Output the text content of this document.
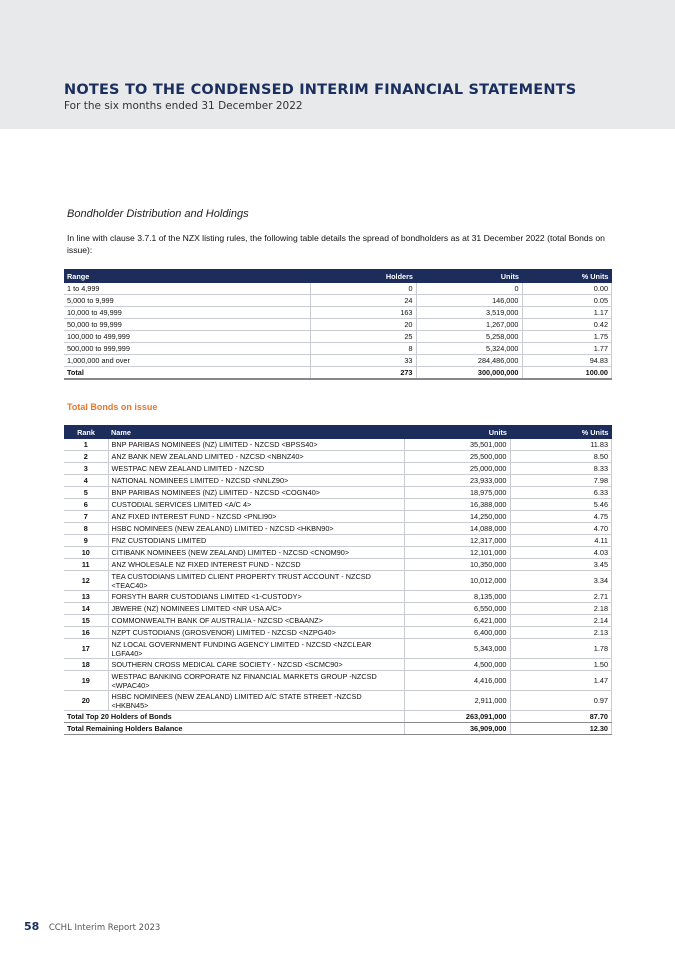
NOTES TO THE CONDENSED INTERIM FINANCIAL STATEMENTS
For the six months ended 31 December 2022
Bondholder Distribution and Holdings
In line with clause 3.7.1 of the NZX listing rules, the following table details the spread of bondholders as at 31 December 2022 (total Bonds on issue):
Range	Holders	Units	% Units
1 to 4,999	0	0	0.00
5,000 to 9,999	24	146,000	0.05
10,000 to 49,999	163	3,519,000	1.17
50,000 to 99,999	20	1,267,000	0.42
100,000 to 499,999	25	5,258,000	1.75
500,000 to 999,999	8	5,324,000	1.77
1,000,000 and over	33	284,486,000	94.83
Total	273	300,000,000	100.00
Total Bonds on issue
Rank	Name	Units	% Units
1	BNP PARIBAS NOMINEES (NZ) LIMITED - NZCSD <BPSS40>	35,501,000	11.83
2	ANZ BANK NEW ZEALAND LIMITED - NZCSD <NBNZ40>	25,500,000	8.50
3	WESTPAC NEW ZEALAND LIMITED - NZCSD	25,000,000	8.33
4	NATIONAL NOMINEES LIMITED - NZCSD <NNLZ90>	23,933,000	7.98
5	BNP PARIBAS NOMINEES (NZ) LIMITED - NZCSD <COGN40>	18,975,000	6.33
6	CUSTODIAL SERVICES LIMITED <A/C 4>	16,388,000	5.46
7	ANZ FIXED INTEREST FUND - NZCSD <PNLI90>	14,250,000	4.75
8	HSBC NOMINEES (NEW ZEALAND) LIMITED - NZCSD <HKBN90>	14,088,000	4.70
9	FNZ CUSTODIANS LIMITED	12,317,000	4.11
10	CITIBANK NOMINEES (NEW ZEALAND) LIMITED - NZCSD <CNOM90>	12,101,000	4.03
11	ANZ WHOLESALE NZ FIXED INTEREST FUND - NZCSD	10,350,000	3.45
12	TEA CUSTODIANS LIMITED CLIENT PROPERTY TRUST ACCOUNT - NZCSD <TEAC40>	10,012,000	3.34
13	FORSYTH BARR CUSTODIANS LIMITED <1-CUSTODY>	8,135,000	2.71
14	JBWERE (NZ) NOMINEES LIMITED <NR USA A/C>	6,550,000	2.18
15	COMMONWEALTH BANK OF AUSTRALIA - NZCSD <CBAANZ>	6,421,000	2.14
16	NZPT CUSTODIANS (GROSVENOR) LIMITED - NZCSD <NZPG40>	6,400,000	2.13
17	NZ LOCAL GOVERNMENT FUNDING AGENCY LIMITED - NZCSD <NZCLEAR LGFA40>	5,343,000	1.78
18	SOUTHERN CROSS MEDICAL CARE SOCIETY - NZCSD <SCMC90>	4,500,000	1.50
19	WESTPAC BANKING CORPORATE NZ FINANCIAL MARKETS GROUP -NZCSD <WPAC40>	4,416,000	1.47
20	HSBC NOMINEES (NEW ZEALAND) LIMITED A/C STATE STREET -NZCSD <HKBN45>	2,911,000	0.97
Total Top 20 Holders of Bonds		263,091,000	87.70
Total Remaining Holders Balance		36,909,000	12.30
58 CCHL Interim Report 2023
